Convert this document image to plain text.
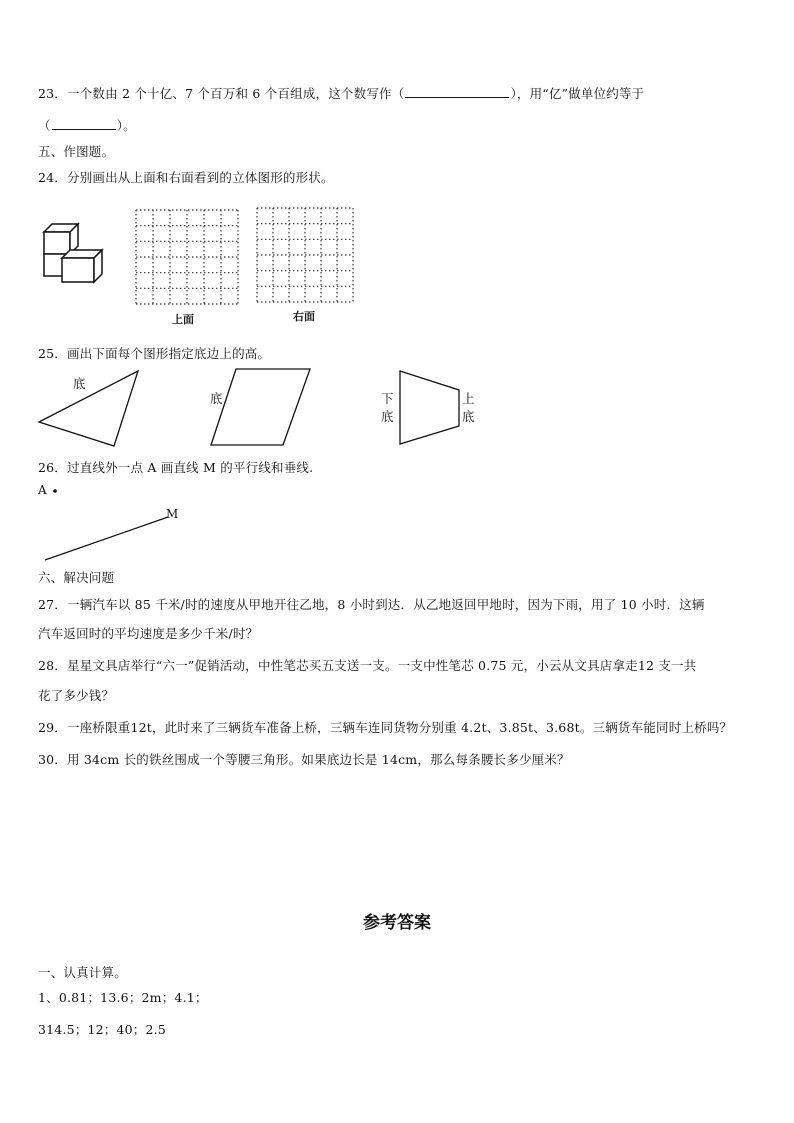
23．一个数由 2 个十亿、7 个百万和 6 个百组成，这个数写作（	），用“亿”做单位约等于
（	）。
五、作图题。
24．分别画出从上面和右面看到的立体图形的形状。
上面	右面
25．画出下面每个图形指定底边上的高。
底
底	下
底
上
底
26．过直线外一点 A 画直线 M 的平行线和垂线.
A
M
六、解决问题
27．一辆汽车以 85 千米/时的速度从甲地开往乙地，8 小时到达．从乙地返回甲地时，因为下雨，用了 10 小时．这辆
汽车返回时的平均速度是多少千米/时？
28．星星文具店举行“六一”促销活动，中性笔芯买五支送一支。一支中性笔芯 0.75 元，小云从文具店拿走12 支一共
花了多少钱？
29．一座桥限重12t，此时来了三辆货车准备上桥，三辆车连同货物分别重 4.2t、3.85t、3.68t。三辆货车能同时上桥吗？
30．用 34cm 长的铁丝围成一个等腰三角形。如果底边长是 14cm，那么每条腰长多少厘米？
参考答案
一、认真计算。
1、0.81；13.6；2m；4.1；
314.5；12；40；2.5
